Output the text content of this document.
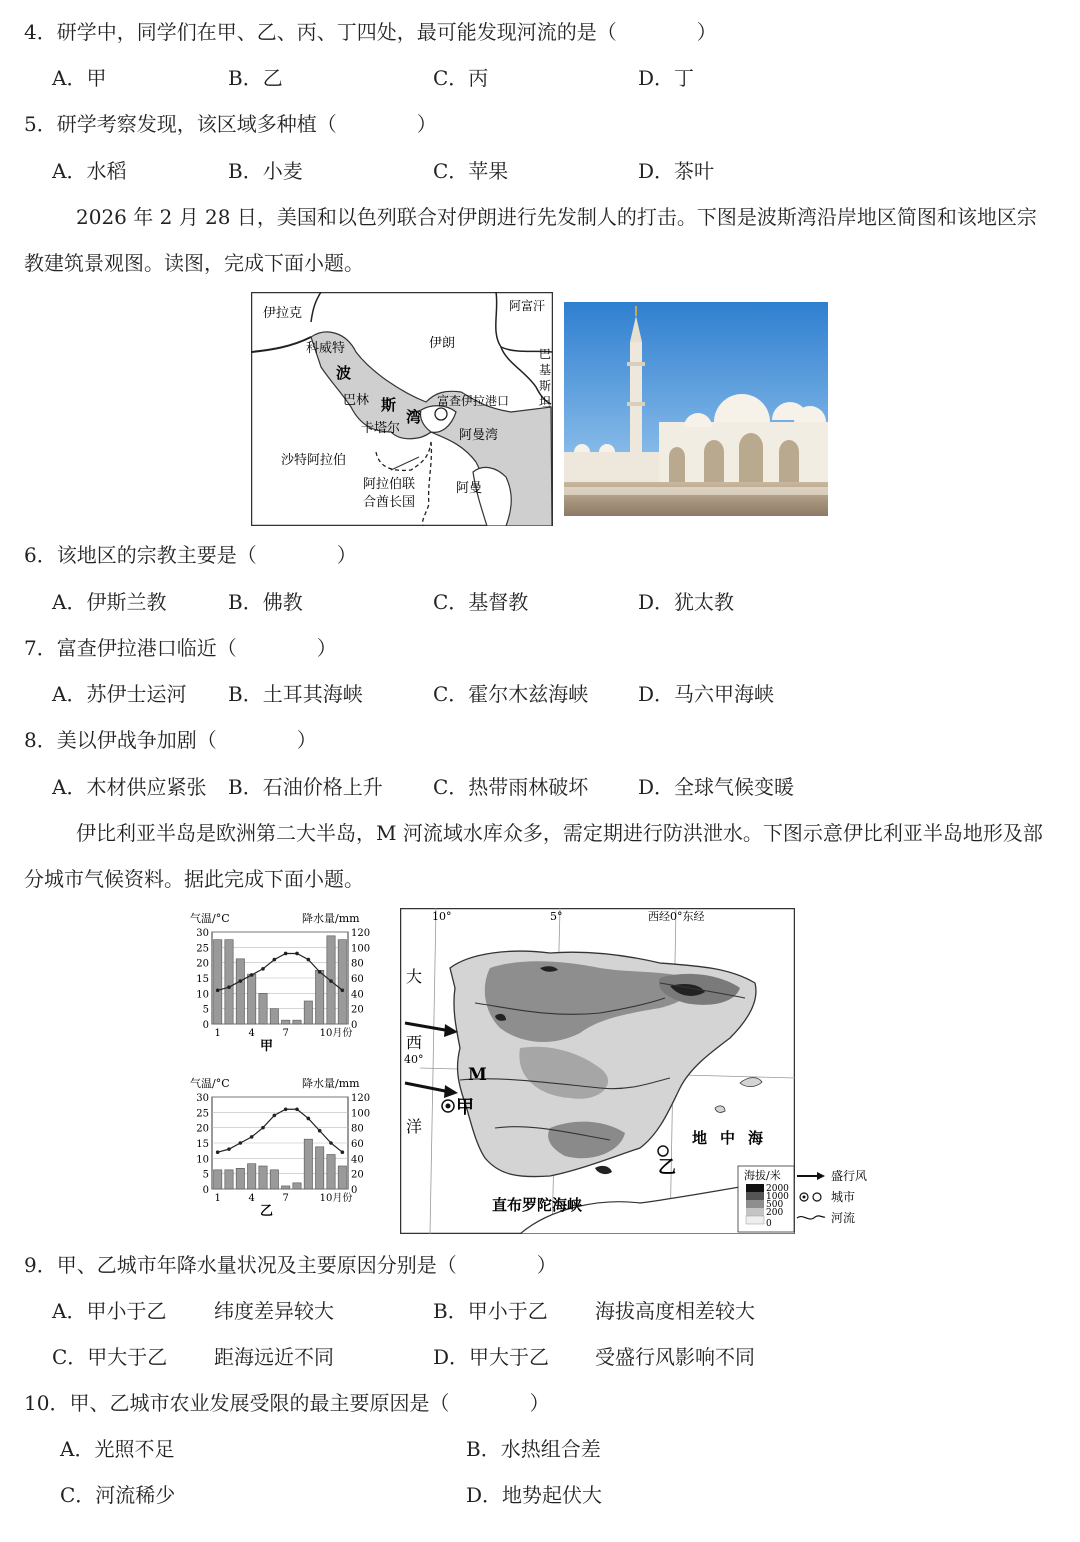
4．研学中，同学们在甲、乙、丙、丁四处，最可能发现河流的是（　　　　）
A．甲	B．乙	C．丙	D．丁
5．研学考察发现，该区域多种植（　　　　）
A．水稻	B．小麦	C．苹果	D．茶叶
2026 年 2 月 28 日，美国和以色列联合对伊朗进行先发制人的打击。下图是波斯湾沿岸地区简图和该地区宗教建筑景观图。读图，完成下面小题。
伊拉克
科威特	伊朗
阿富汗
巴
基
斯
坦
波
斯
湾
巴林
卡塔尔
富查伊拉港口
阿曼湾
沙特阿拉伯
阿拉伯联
合酋长国
阿曼
6．该地区的宗教主要是（　　　　）
A．伊斯兰教	B．佛教	C．基督教	D．犹太教
7．富查伊拉港口临近（　　　　）
A．苏伊士运河 B．土耳其海峡	C．霍尔木兹海峡 D．马六甲海峡
8．美以伊战争加剧（　　　　）
A．木材供应紧张 B．石油价格上升	C．热带雨林破坏 D．全球气候变暖
伊比利亚半岛是欧洲第二大半岛，M 河流域水库众多，需定期进行防洪泄水。下图示意伊比利亚半岛地形及部分城市气候资料。据此完成下面小题。
气温/°C	降水量/mm
30	120
25	100
20	80
15	60
10	40
5	20
0	0
1	4	7	10月份
甲
气温/°C	降水量/mm
30	120
25	100
20	80
15	60
10	40
5	20
0	0
1	4	7	10月份
乙
10°	5°	西经0°东经
40°
大
西
洋
M
甲
乙
地 中 海
直布罗陀海峡
海拔/米
2000
1000
500
200
0
盛行风
城市
河流
9．甲、乙城市年降水量状况及主要原因分别是（　　　　）
A．甲小于乙 纬度差异较大	B．甲小于乙 海拔高度相差较大
C．甲大于乙 距海远近不同	D．甲大于乙 受盛行风影响不同
10．甲、乙城市农业发展受限的最主要原因是（　　　　）
A．光照不足	B．水热组合差
C．河流稀少	D．地势起伏大
